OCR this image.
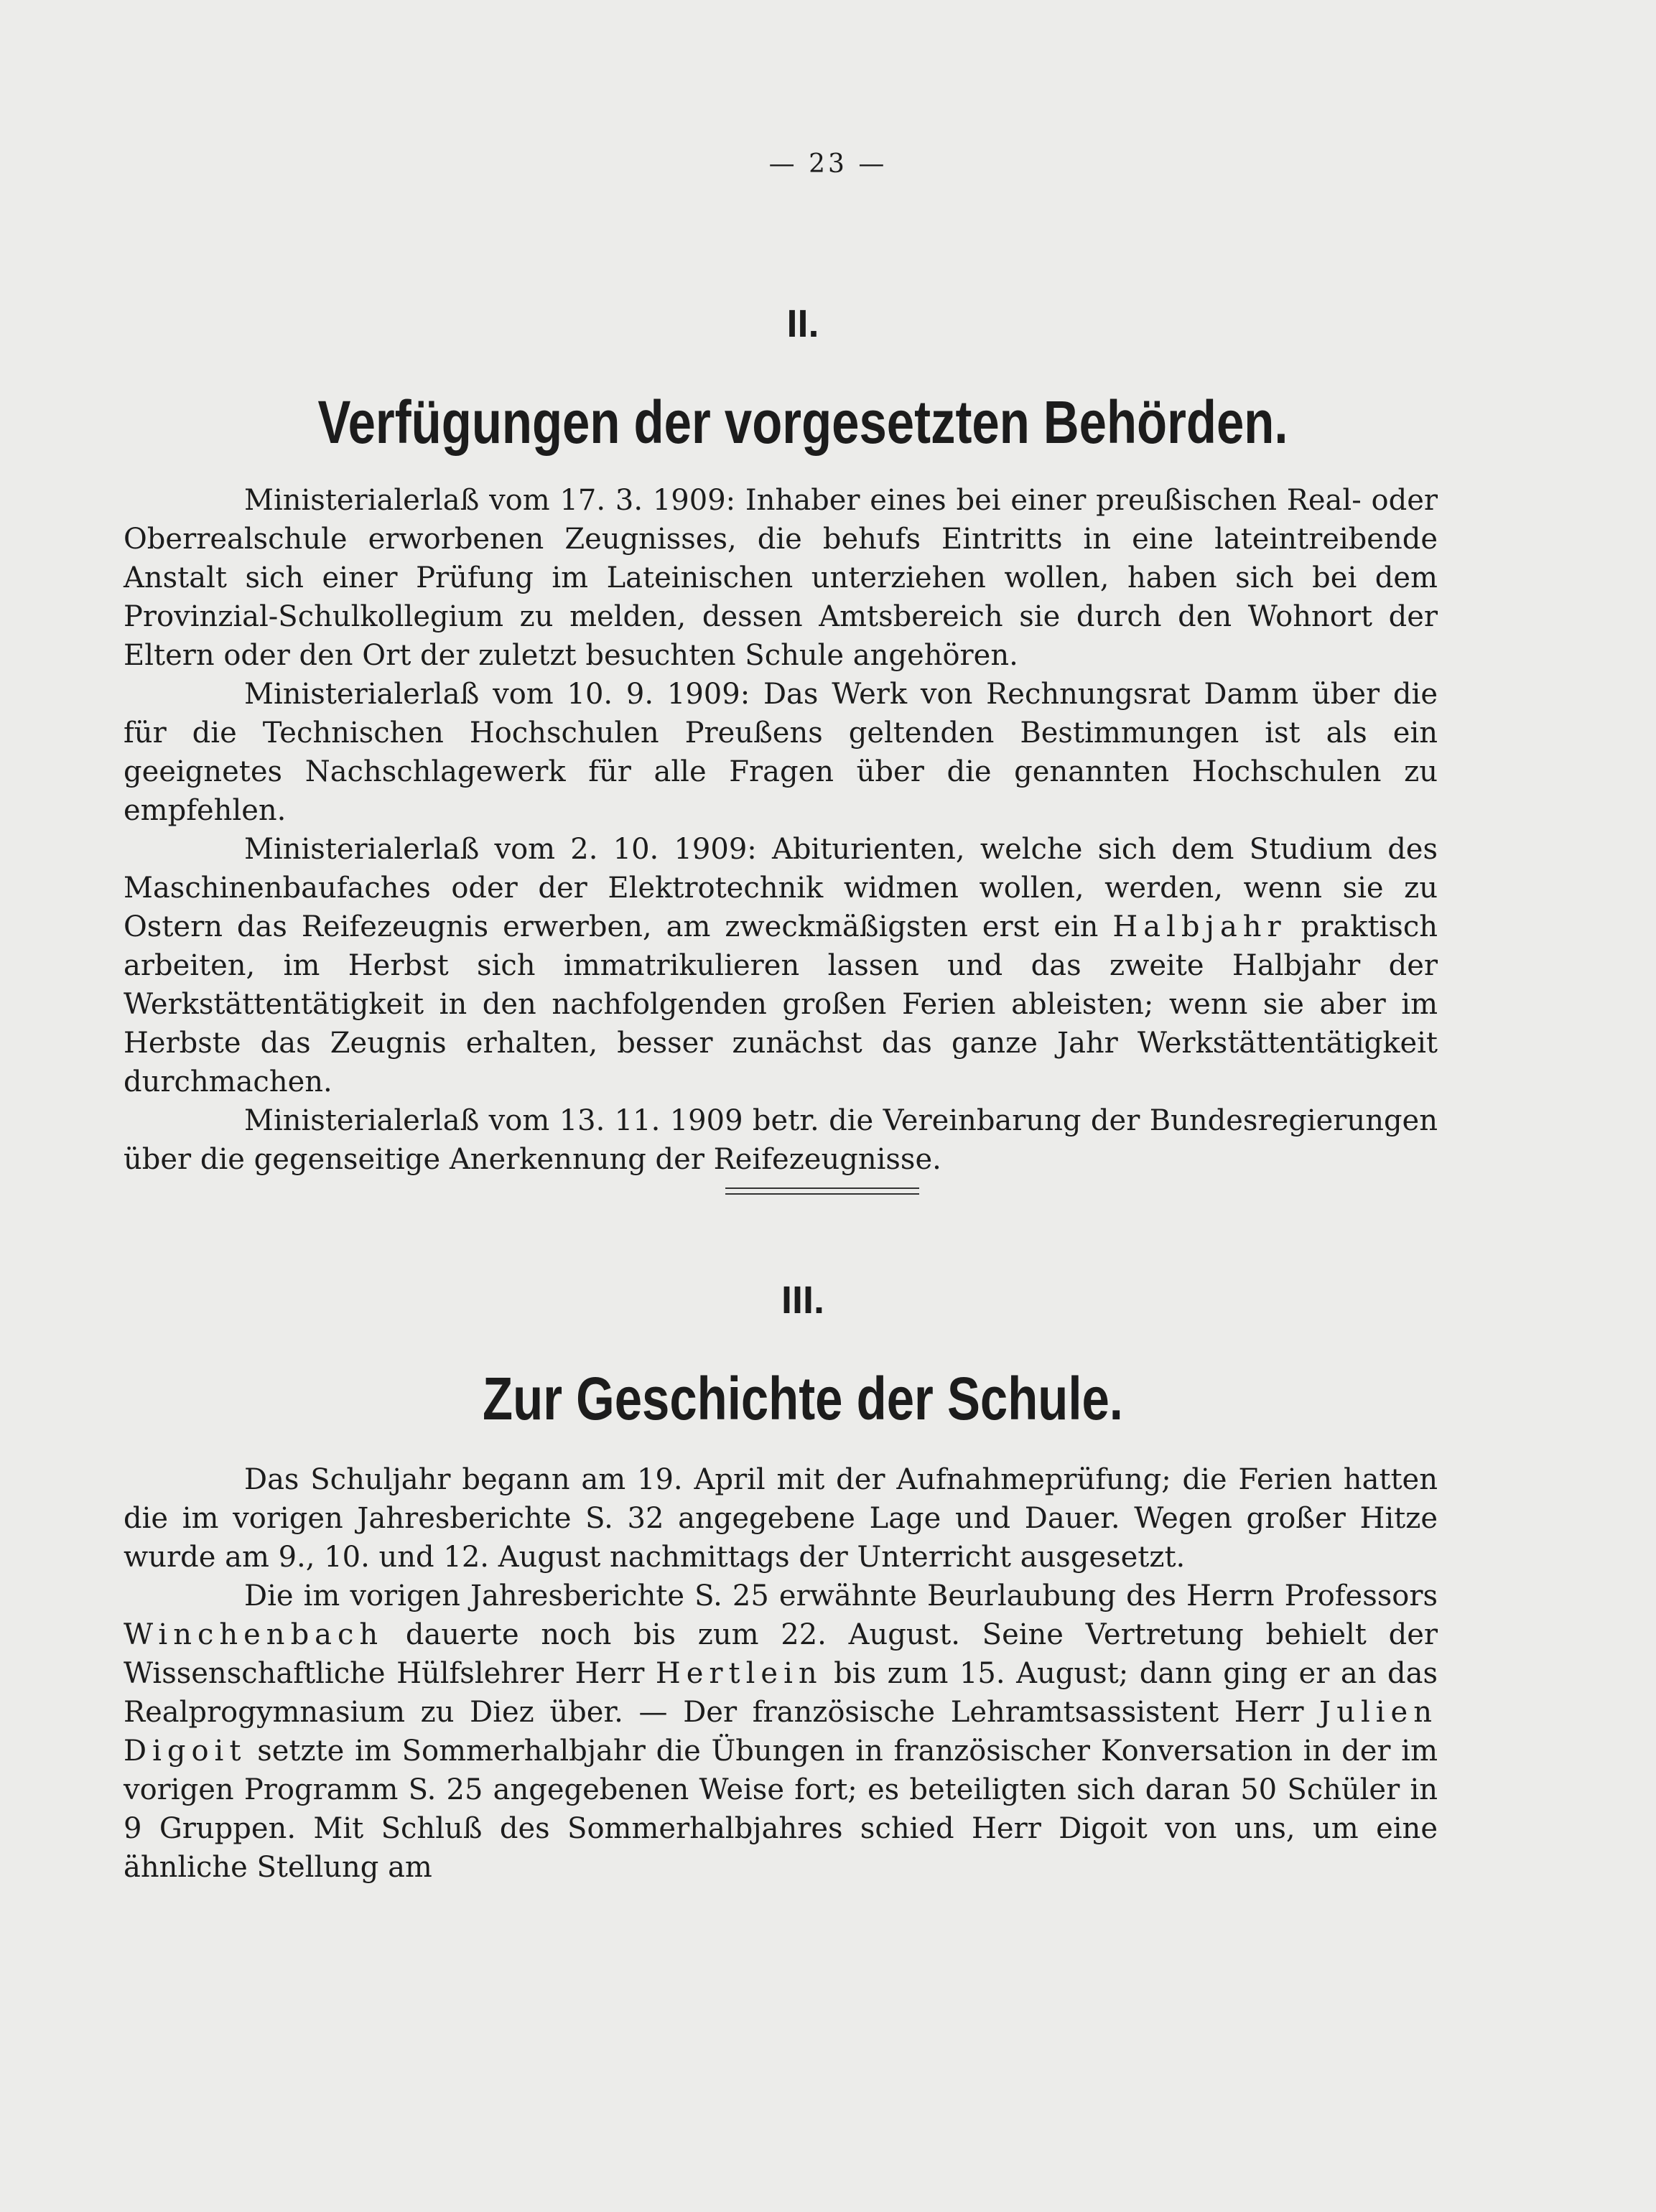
— 23 —
II.
Verfügungen der vorgesetzten Behörden.

Ministerialerlaß vom 17. 3. 1909: Inhaber eines bei einer preußischen Real- oder Oberrealschule erworbenen Zeugnisses, die behufs Eintritts in eine lateintreibende Anstalt sich einer Prüfung im Lateinischen unterziehen wollen, haben sich bei dem Provinzial-Schulkollegium zu melden, dessen Amtsbereich sie durch den Wohnort der Eltern oder den Ort der zuletzt besuchten Schule angehören.

Ministerialerlaß vom 10. 9. 1909: Das Werk von Rechnungsrat Damm über die für die Technischen Hochschulen Preußens geltenden Bestimmungen ist als ein geeignetes Nachschlagewerk für alle Fragen über die genannten Hochschulen zu empfehlen.

Ministerialerlaß vom 2. 10. 1909: Abiturienten, welche sich dem Studium des Maschinenbaufaches oder der Elektrotechnik widmen wollen, werden, wenn sie zu Ostern das Reifezeugnis erwerben, am zweckmäßigsten erst ein Halbjahr praktisch arbeiten, im Herbst sich immatrikulieren lassen und das zweite Halbjahr der Werkstättentätigkeit in den nachfolgenden großen Ferien ableisten; wenn sie aber im Herbste das Zeugnis erhalten, besser zunächst das ganze Jahr Werkstättentätigkeit durchmachen.

Ministerialerlaß vom 13. 11. 1909 betr. die Vereinbarung der Bundesregierungen über die gegenseitige Anerkennung der Reifezeugnisse.

III.
Zur Geschichte der Schule.

Das Schuljahr begann am 19. April mit der Aufnahmeprüfung; die Ferien hatten die im vorigen Jahresberichte S. 32 angegebene Lage und Dauer. Wegen großer Hitze wurde am 9., 10. und 12. August nachmittags der Unterricht ausgesetzt.

Die im vorigen Jahresberichte S. 25 erwähnte Beurlaubung des Herrn Professors Winchenbach dauerte noch bis zum 22. August. Seine Vertretung behielt der Wissenschaftliche Hülfslehrer Herr Hertlein bis zum 15. August; dann ging er an das Realprogymnasium zu Diez über. — Der französische Lehramtsassistent Herr Julien Digoit setzte im Sommerhalbjahr die Übungen in französischer Konversation in der im vorigen Programm S. 25 angegebenen Weise fort; es beteiligten sich daran 50 Schüler in 9 Gruppen. Mit Schluß des Sommerhalbjahres schied Herr Digoit von uns, um eine ähnliche Stellung am
